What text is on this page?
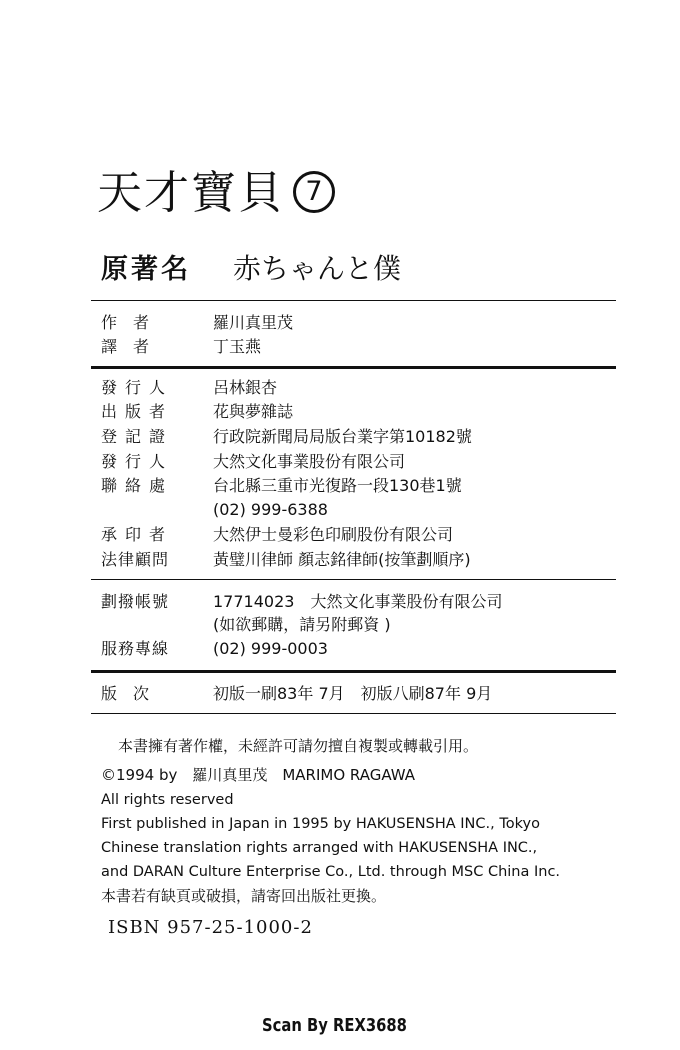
天才寶貝 7
原著名 赤ちゃんと僕
作　者	羅川真里茂
譯　者	丁玉燕
發行人 呂林銀杏
出版者 花與夢雜誌
登記證 行政院新聞局局版台業字第10182號
發行人 大然文化事業股份有限公司
聯絡處 台北縣三重市光復路一段130巷1號
(02) 999-6388
承印者 大然伊士曼彩色印刷股份有限公司
法律顧問	黃璧川律師 顏志銘律師(按筆劃順序)
劃撥帳號	17714023　大然文化事業股份有限公司
(如欲郵購，請另附郵資 )
服務專線	(02) 999-0003
版　次	初版一刷83年 7月　初版八刷87年 9月
本書擁有著作權，未經許可請勿擅自複製或轉載引用。
©1994 by　羅川真里茂　MARIMO RAGAWA
All rights reserved
First published in Japan in 1995 by HAKUSENSHA INC., Tokyo
Chinese translation rights arranged with HAKUSENSHA INC.,
and DARAN Culture Enterprise Co., Ltd. through MSC China Inc.
本書若有缺頁或破損，請寄回出版社更換。
ISBN 957-25-1000-2
Scan By REX3688
